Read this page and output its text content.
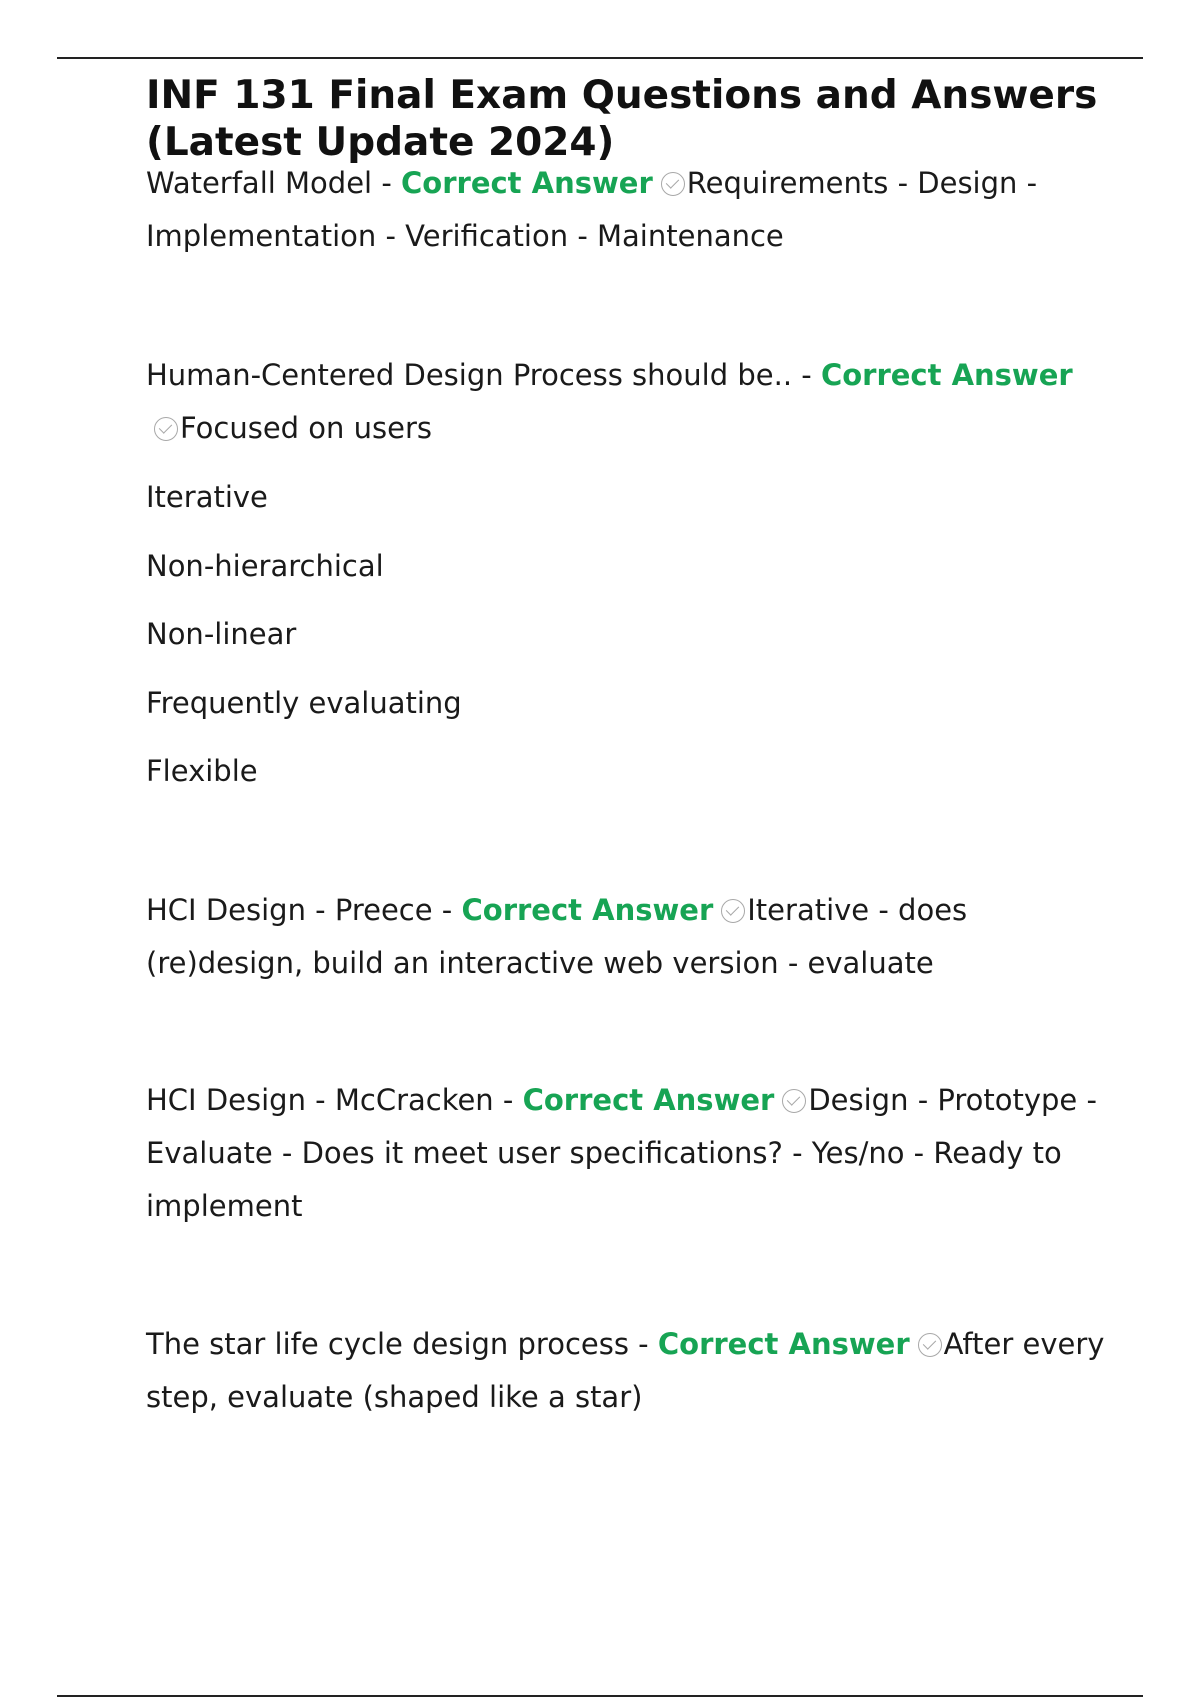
INF 131 Final Exam Questions and Answers (Latest Update 2024)

Waterfall Model - Correct Answer Requirements - Design - Implementation - Verification - Maintenance

Human-Centered Design Process should be.. - Correct AnswerFocused on users

Iterative

Non-hierarchical

Non-linear

Frequently evaluating

Flexible

HCI Design - Preece - Correct Answer Iterative - does (re)design, build an interactive web version - evaluate

HCI Design - McCracken - Correct Answer Design - Prototype - Evaluate - Does it meet user specifications? - Yes/no - Ready to implement

The star life cycle design process - Correct Answer After every step, evaluate (shaped like a star)
